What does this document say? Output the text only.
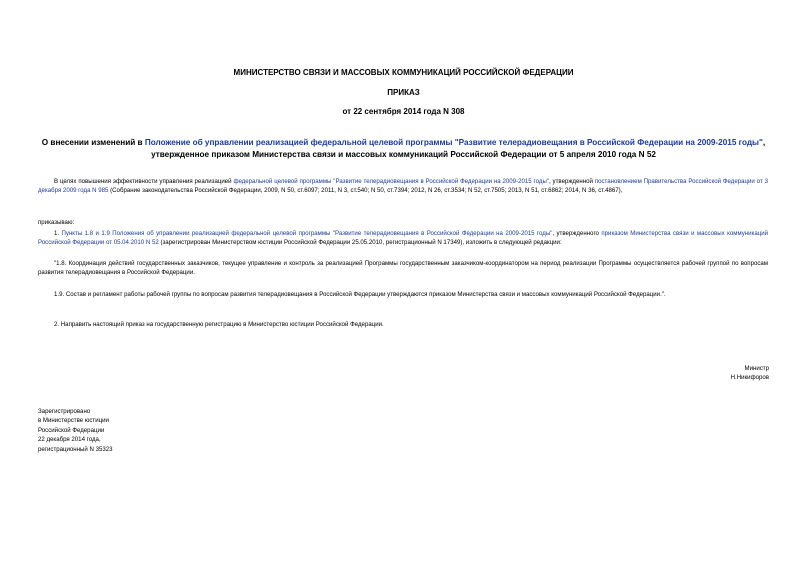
МИНИСТЕРСТВО СВЯЗИ И МАССОВЫХ КОММУНИКАЦИЙ РОССИЙСКОЙ ФЕДЕРАЦИИ
ПРИКАЗ
от 22 сентября 2014 года N 308
О внесении изменений в Положение об управлении реализацией федеральной целевой программы "Развитие телерадиовещания в Российской Федерации на 2009-2015 годы", утвержденное приказом Министерства связи и массовых коммуникаций Российской Федерации от 5 апреля 2010 года N 52
В целях повышения эффективности управления реализацией федеральной целевой программы "Развитие телерадиовещания в Российской Федерации на 2009-2015 годы", утвержденной постановлением Правительства Российской Федерации от 3 декабря 2009 года N 985 (Собрание законодательства Российской Федерации, 2009, N 50, ст.6097; 2011, N 3, ст.540; N 50, ст.7394; 2012, N 26, ст.3534; N 52, ст.7505; 2013, N 51, ст.6862; 2014, N 36, ст.4867),
приказываю:
1. Пункты 1.8 и 1.9 Положения об управлении реализацией федеральной целевой программы "Развитие телерадиовещания в Российской Федерации на 2009-2015 годы", утвержденного приказом Министерства связи и массовых коммуникаций Российской Федерации от 05.04.2010 N 52 (зарегистрирован Министерством юстиции Российской Федерации 25.05.2010, регистрационный N 17349), изложить в следующей редакции:
"1.8. Координация действий государственных заказчиков, текущее управление и контроль за реализацией Программы государственным заказчиком-координатором на период реализации Программы осуществляется рабочей группой по вопросам развития телерадиовещания в Российской Федерации.
1.9. Состав и регламент работы рабочей группы по вопросам развития телерадиовещания в Российской Федерации утверждаются приказом Министерства связи и массовых коммуникаций Российской Федерации.".
2. Направить настоящий приказ на государственную регистрацию в Министерство юстиции Российской Федерации.
Министр
Н.Никифоров
Зарегистрировано
в Министерстве юстиции
Российской Федерации
22 декабря 2014 года,
регистрационный N 35323
